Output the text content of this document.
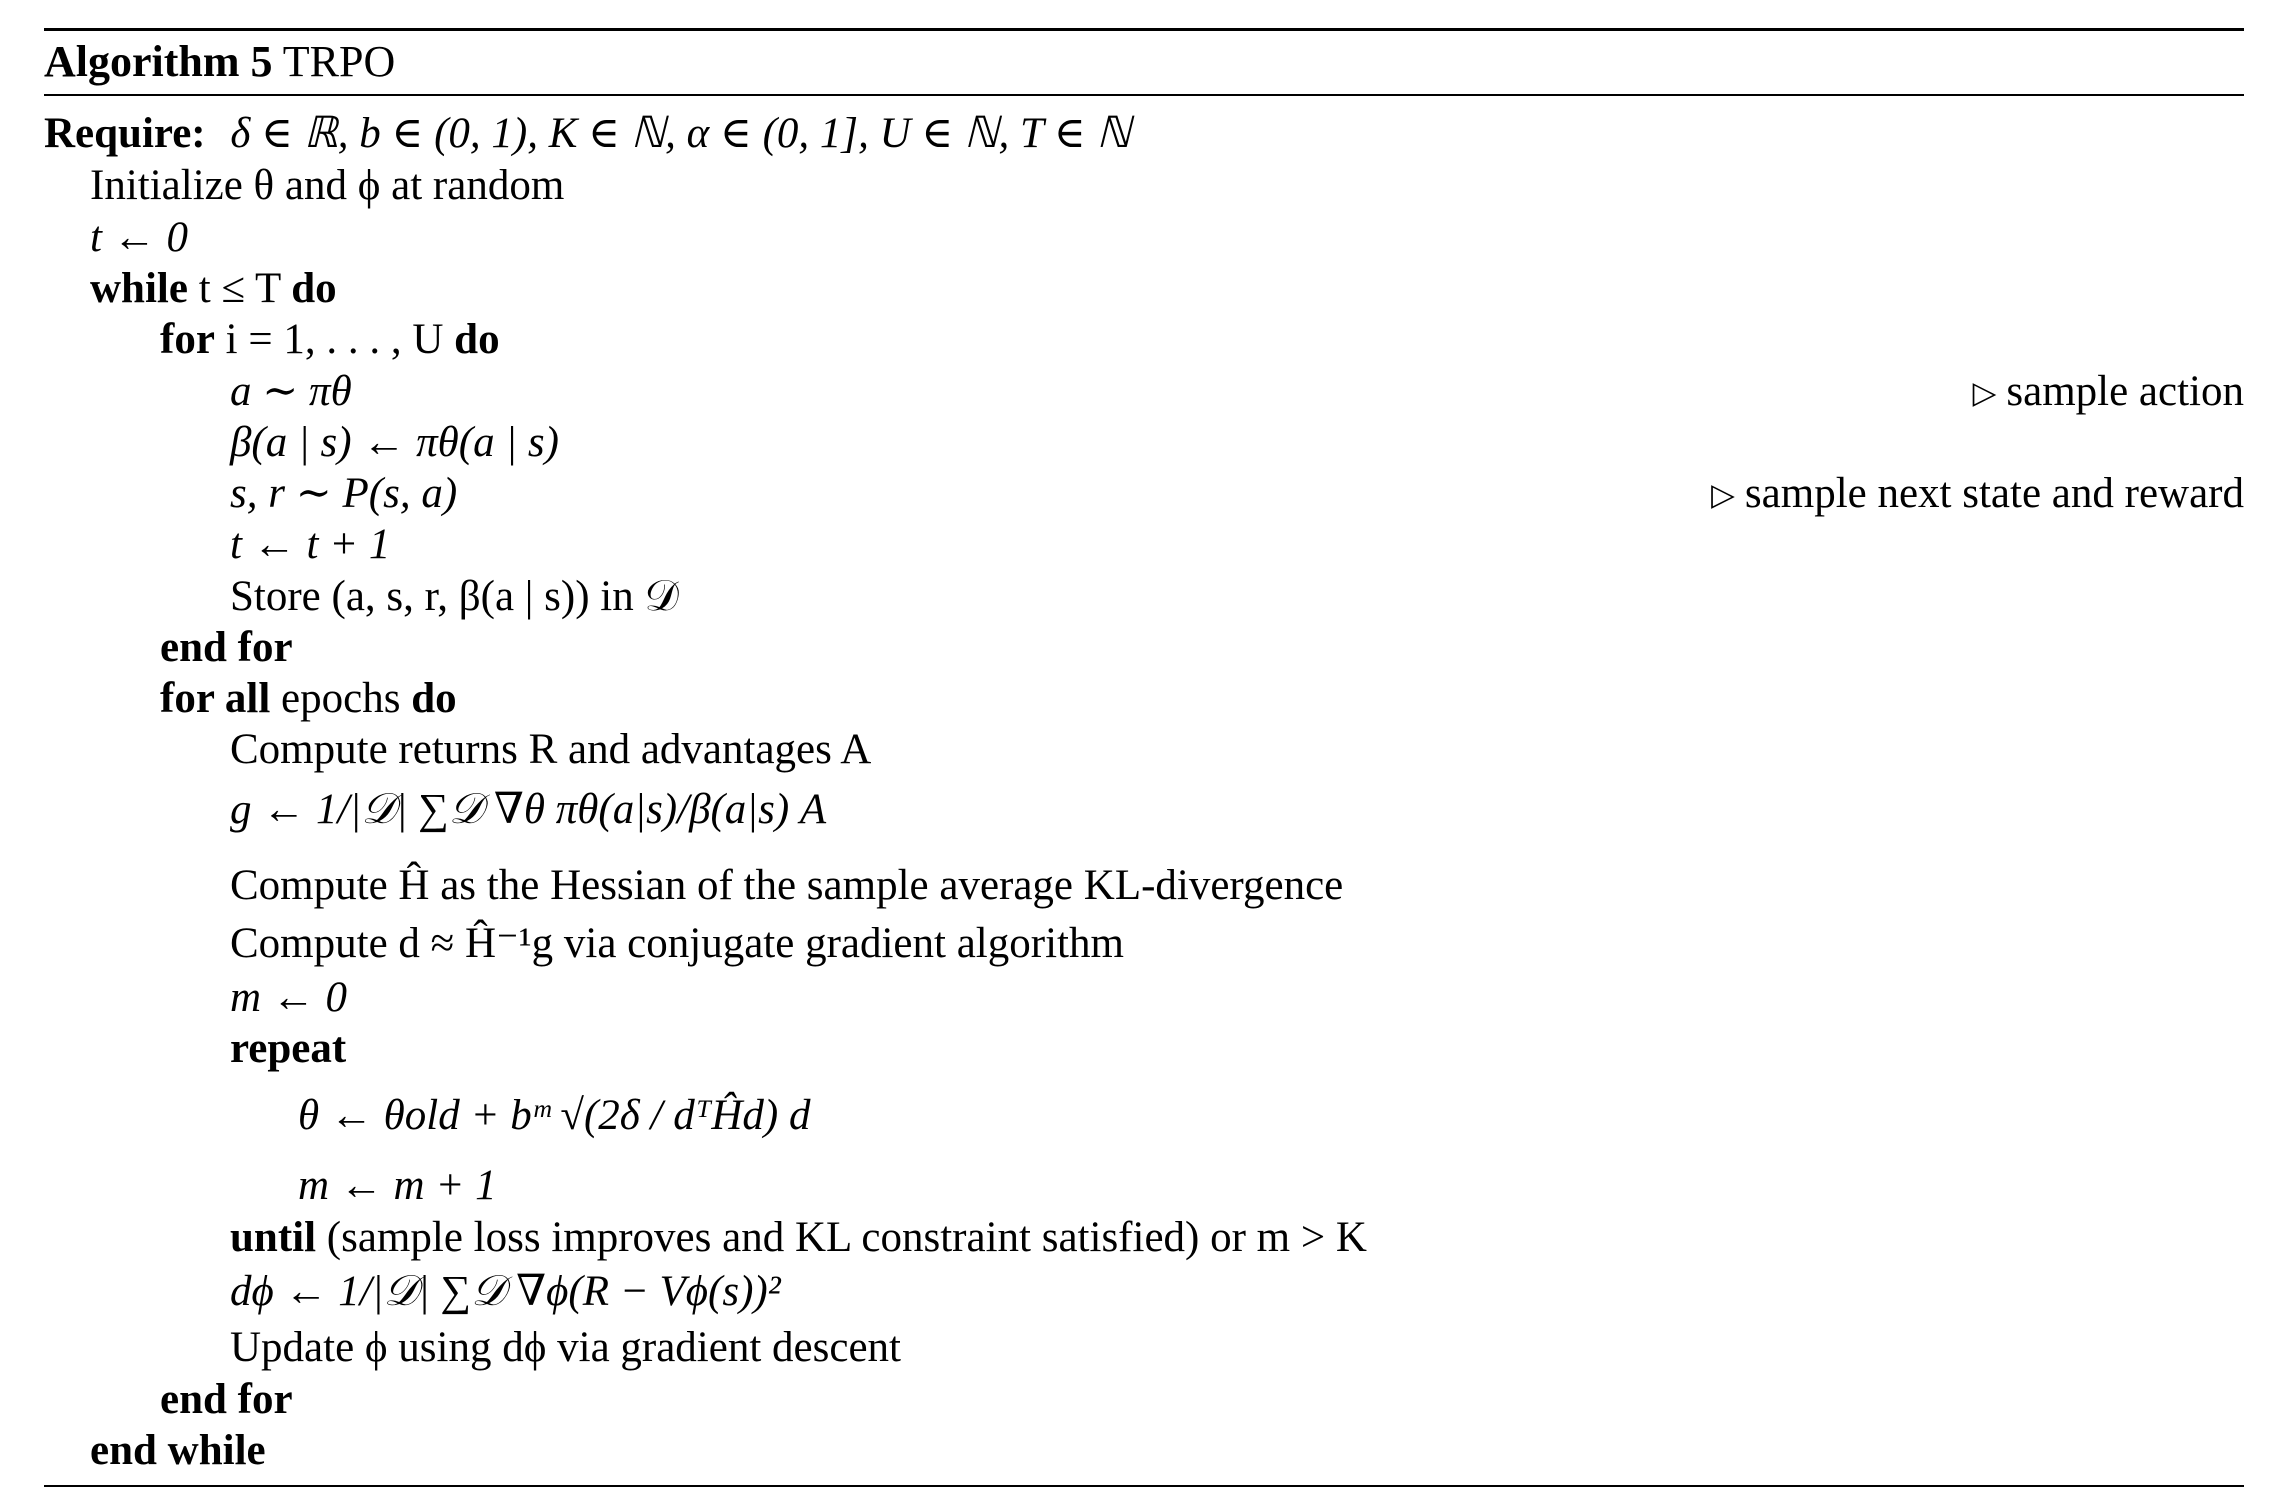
Algorithm 5 TRPO
Require: δ ∈ ℝ, b ∈ (0, 1), K ∈ ℕ, α ∈ (0, 1], U ∈ ℕ, T ∈ ℕ
Initialize θ and ϕ at random
t ← 0
while t ≤ T do
for i = 1, . . . , U do
a ∼ πθ	▷ sample action
β(a | s) ← πθ(a | s)
s, r ∼ P(s, a)	▷ sample next state and reward
t ← t + 1
Store (a, s, r, β(a | s)) in 𝒟
end for
for all epochs do
Compute returns R and advantages A
g ← 1/|𝒟| ∑𝒟 ∇θ πθ(a|s)/β(a|s) A
Compute Ĥ as the Hessian of the sample average KL-divergence
Compute d ≈ Ĥ⁻¹g via conjugate gradient algorithm
m ← 0
repeat
θ ← θold + bᵐ √(2δ / dᵀĤd) d
m ← m + 1
until (sample loss improves and KL constraint satisfied) or m > K
dϕ ← 1/|𝒟| ∑𝒟 ∇ϕ(R − Vϕ(s))²
Update ϕ using dϕ via gradient descent
end for
end while
